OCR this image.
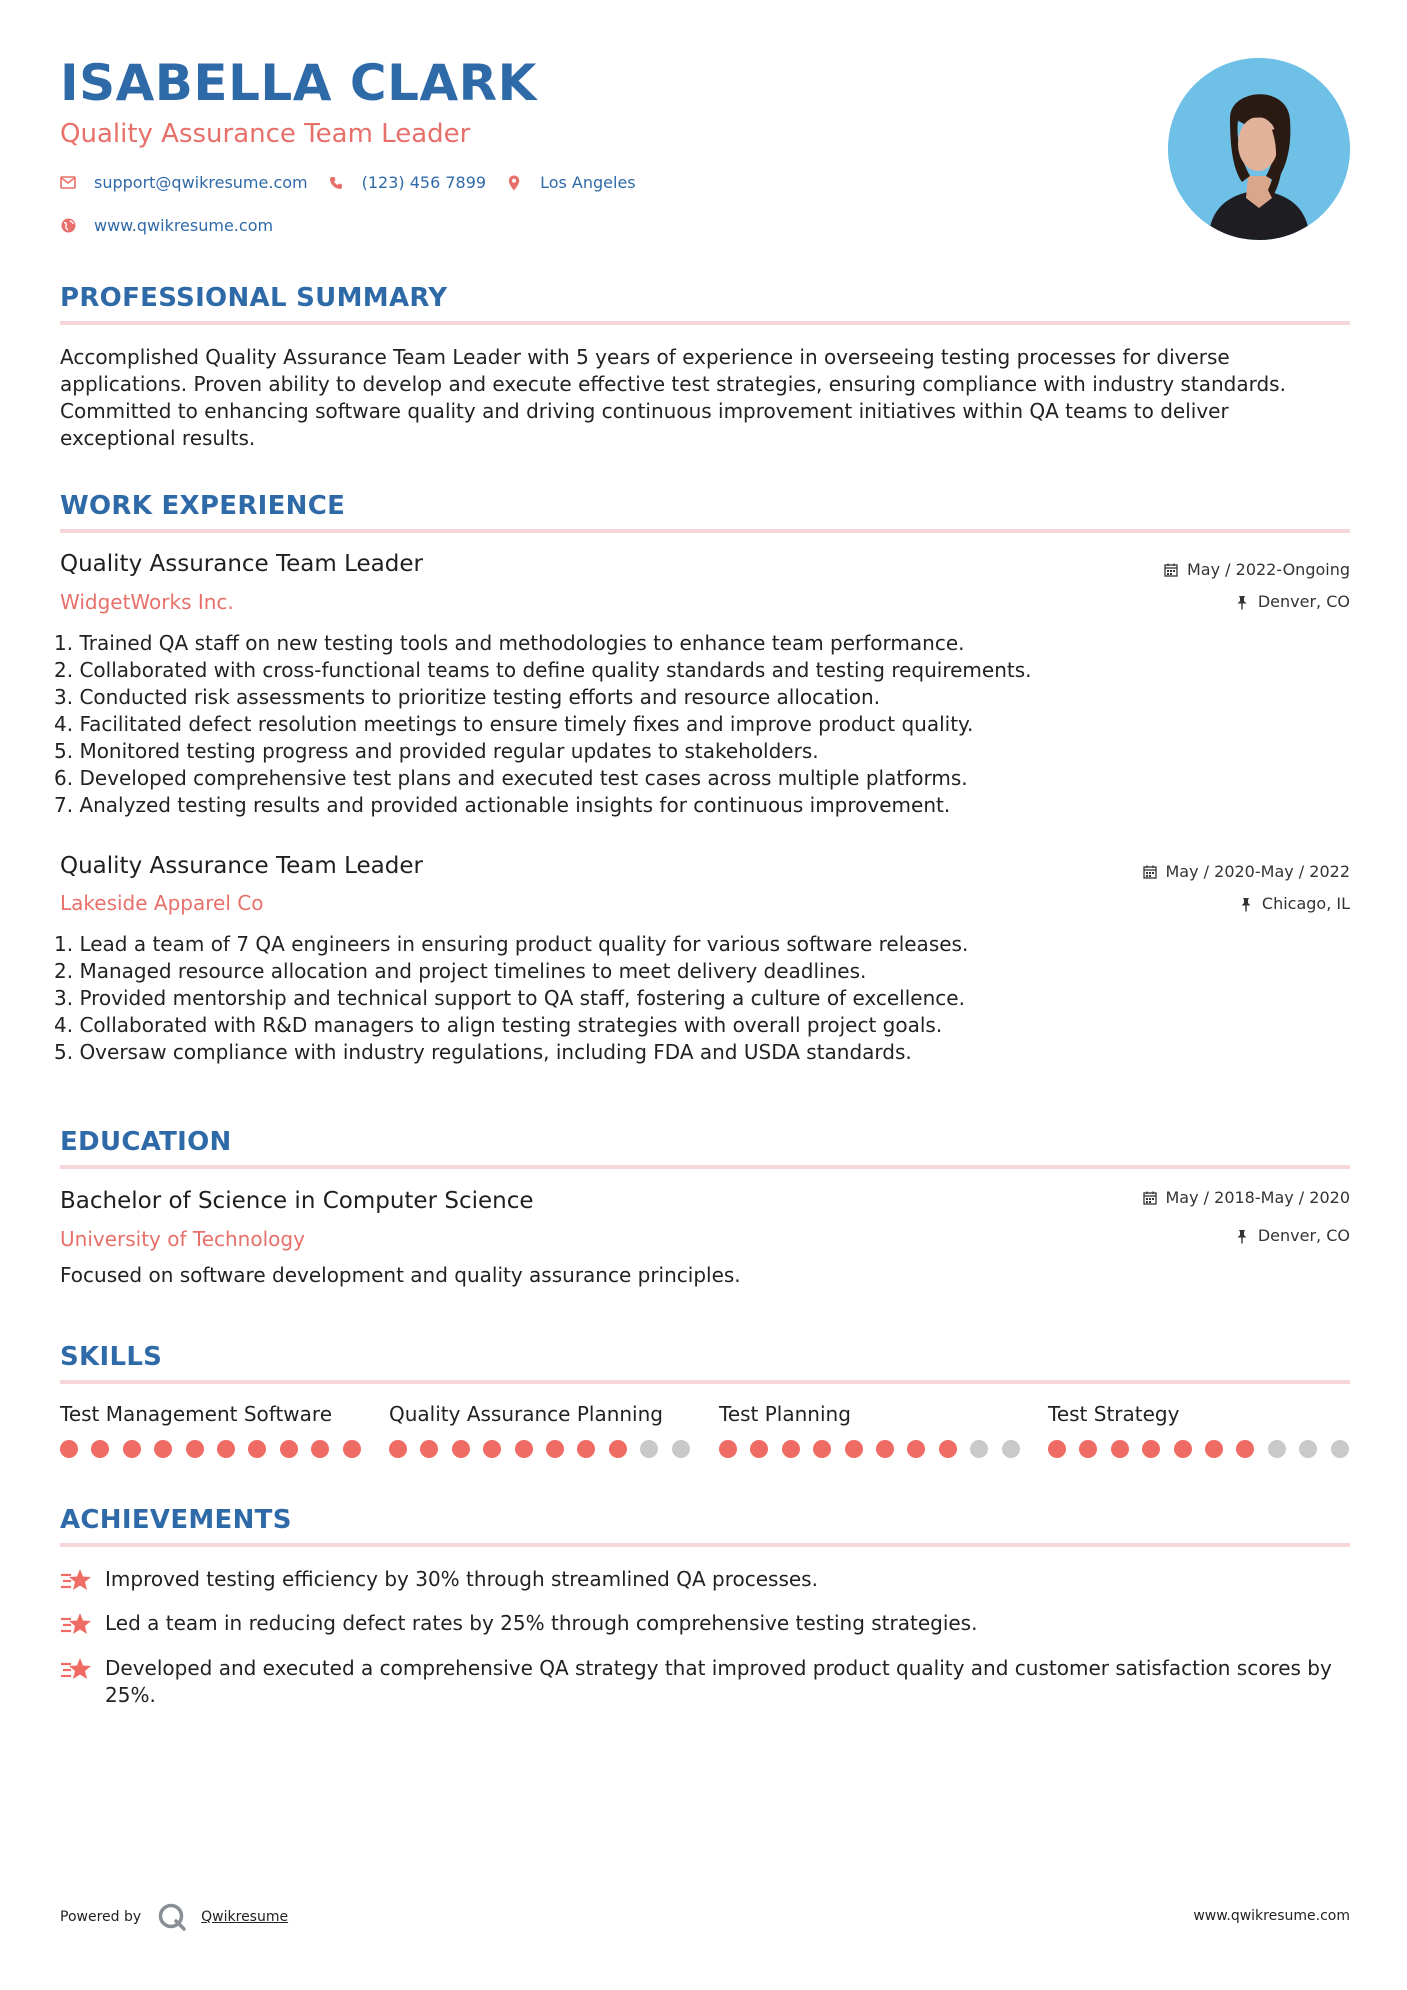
ISABELLA CLARK
Quality Assurance Team Leader
support@qwikresume.com	(123) 456 7899	Los Angeles
www.qwikresume.com
PROFESSIONAL SUMMARY
Accomplished Quality Assurance Team Leader with 5 years of experience in overseeing testing processes for diverse
applications. Proven ability to develop and execute effective test strategies, ensuring compliance with industry standards.
Committed to enhancing software quality and driving continuous improvement initiatives within QA teams to deliver
exceptional results.
WORK EXPERIENCE
Quality Assurance Team Leader
WidgetWorks Inc.
May / 2022-Ongoing
Denver, CO
1. Trained QA staff on new testing tools and methodologies to enhance team performance.
2. Collaborated with cross-functional teams to define quality standards and testing requirements.
3. Conducted risk assessments to prioritize testing efforts and resource allocation.
4. Facilitated defect resolution meetings to ensure timely fixes and improve product quality.
5. Monitored testing progress and provided regular updates to stakeholders.
6. Developed comprehensive test plans and executed test cases across multiple platforms.
7. Analyzed testing results and provided actionable insights for continuous improvement.
Quality Assurance Team Leader
Lakeside Apparel Co
May / 2020-May / 2022
Chicago, IL
1. Lead a team of 7 QA engineers in ensuring product quality for various software releases.
2. Managed resource allocation and project timelines to meet delivery deadlines.
3. Provided mentorship and technical support to QA staff, fostering a culture of excellence.
4. Collaborated with R&D managers to align testing strategies with overall project goals.
5. Oversaw compliance with industry regulations, including FDA and USDA standards.
EDUCATION
Bachelor of Science in Computer Science
University of Technology
May / 2018-May / 2020
Denver, CO
Focused on software development and quality assurance principles.
SKILLS
Test Management Software	Quality Assurance Planning	Test Planning	Test Strategy
ACHIEVEMENTS
Improved testing efficiency by 30% through streamlined QA processes.
Led a team in reducing defect rates by 25% through comprehensive testing strategies.
Developed and executed a comprehensive QA strategy that improved product quality and customer satisfaction scores by 25%.
Powered by	Qwikresume	www.qwikresume.com
